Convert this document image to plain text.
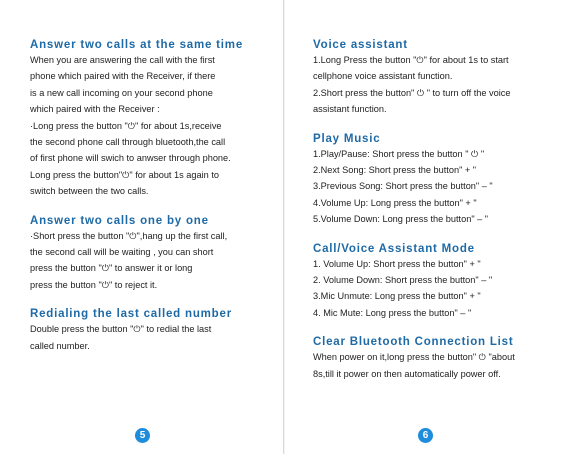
Answer two calls at the same time

When you are answering the call with the first
phone which paired with the Receiver, if there
is a new call incoming on your second phone
which paired with the Receiver :
·Long press the button "⏻" for about 1s,receive
the second phone call through bluetooth,the call
of first phone will swich to anwser through phone.
Long press the button"⏻" for about 1s again to
switch between the two calls.

Answer two calls one by one

·Short press the button "⏻",hang up the first call,
the second call will be waiting , you can short
press the button "⏻" to answer it or long
press the button "⏻" to reject it.

Redialing the last called number

Double press the button "⏻" to redial the last
called number.

5
Voice assistant
1.Long Press the button "⏻" for about 1s to start
cellphone voice assistant function.
2.Short press the button" ⏻ " to turn off the voice
assistant function.
Play Music
1.Play/Pause: Short press the button " ⏻ "
2.Next Song: Short press the button" + "
3.Previous Song: Short press the button" – "
4.Volume Up: Long press the button" + "
5.Volume Down: Long press the button" – "
Call/Voice Assistant Mode
1. Volume Up: Short press the button" + "
2. Volume Down: Short press the button" – "
3.Mic Unmute: Long press the button" + "
4. Mic Mute: Long press the button" – "
Clear Bluetooth Connection List

When power on it,long press the button" ⏻ "about
8s,till it power on then automatically power off.

6
